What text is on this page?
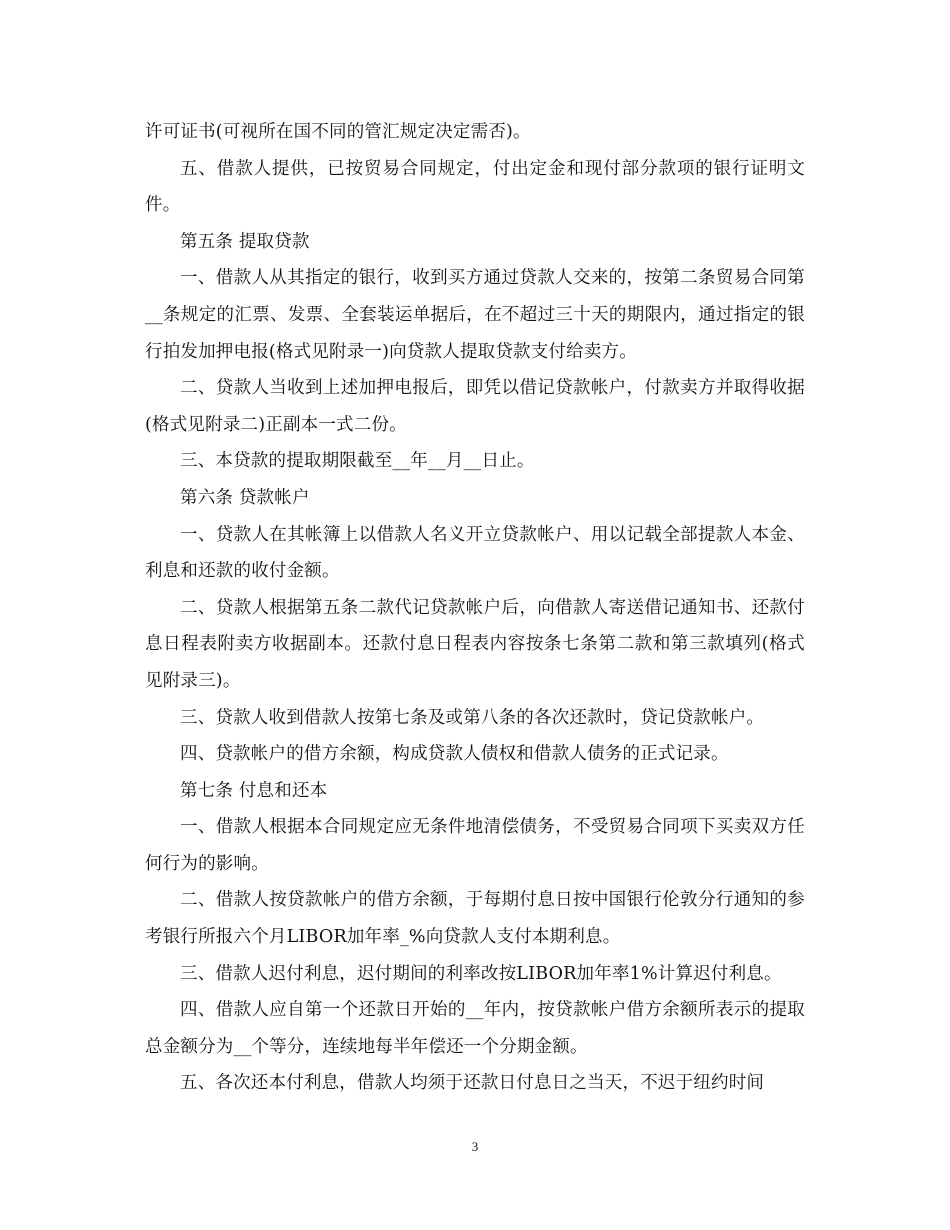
许可证书(可视所在国不同的管汇规定决定需否)。

五、借款人提供，已按贸易合同规定，付出定金和现付部分款项的银行证明文件。

第五条 提取贷款

一、借款人从其指定的银行，收到买方通过贷款人交来的，按第二条贸易合同第__条规定的汇票、发票、全套装运单据后，在不超过三十天的期限内，通过指定的银行拍发加押电报(格式见附录一)向贷款人提取贷款支付给卖方。

二、贷款人当收到上述加押电报后，即凭以借记贷款帐户，付款卖方并取得收据(格式见附录二)正副本一式二份。

三、本贷款的提取期限截至__年__月__日止。

第六条 贷款帐户

一、贷款人在其帐簿上以借款人名义开立贷款帐户、用以记载全部提款人本金、利息和还款的收付金额。

二、贷款人根据第五条二款代记贷款帐户后，向借款人寄送借记通知书、还款付息日程表附卖方收据副本。还款付息日程表内容按条七条第二款和第三款填列(格式见附录三)。

三、贷款人收到借款人按第七条及或第八条的各次还款时，贷记贷款帐户。

四、贷款帐户的借方余额，构成贷款人债权和借款人债务的正式记录。

第七条 付息和还本

一、借款人根据本合同规定应无条件地清偿债务，不受贸易合同项下买卖双方任何行为的影响。

二、借款人按贷款帐户的借方余额，于每期付息日按中国银行伦敦分行通知的参考银行所报六个月LIBOR加年率_%向贷款人支付本期利息。

三、借款人迟付利息，迟付期间的利率改按LIBOR加年率1%计算迟付利息。

四、借款人应自第一个还款日开始的__年内，按贷款帐户借方余额所表示的提取总金额分为__个等分，连续地每半年偿还一个分期金额。

五、各次还本付利息，借款人均须于还款日付息日之当天，不迟于纽约时间

3
